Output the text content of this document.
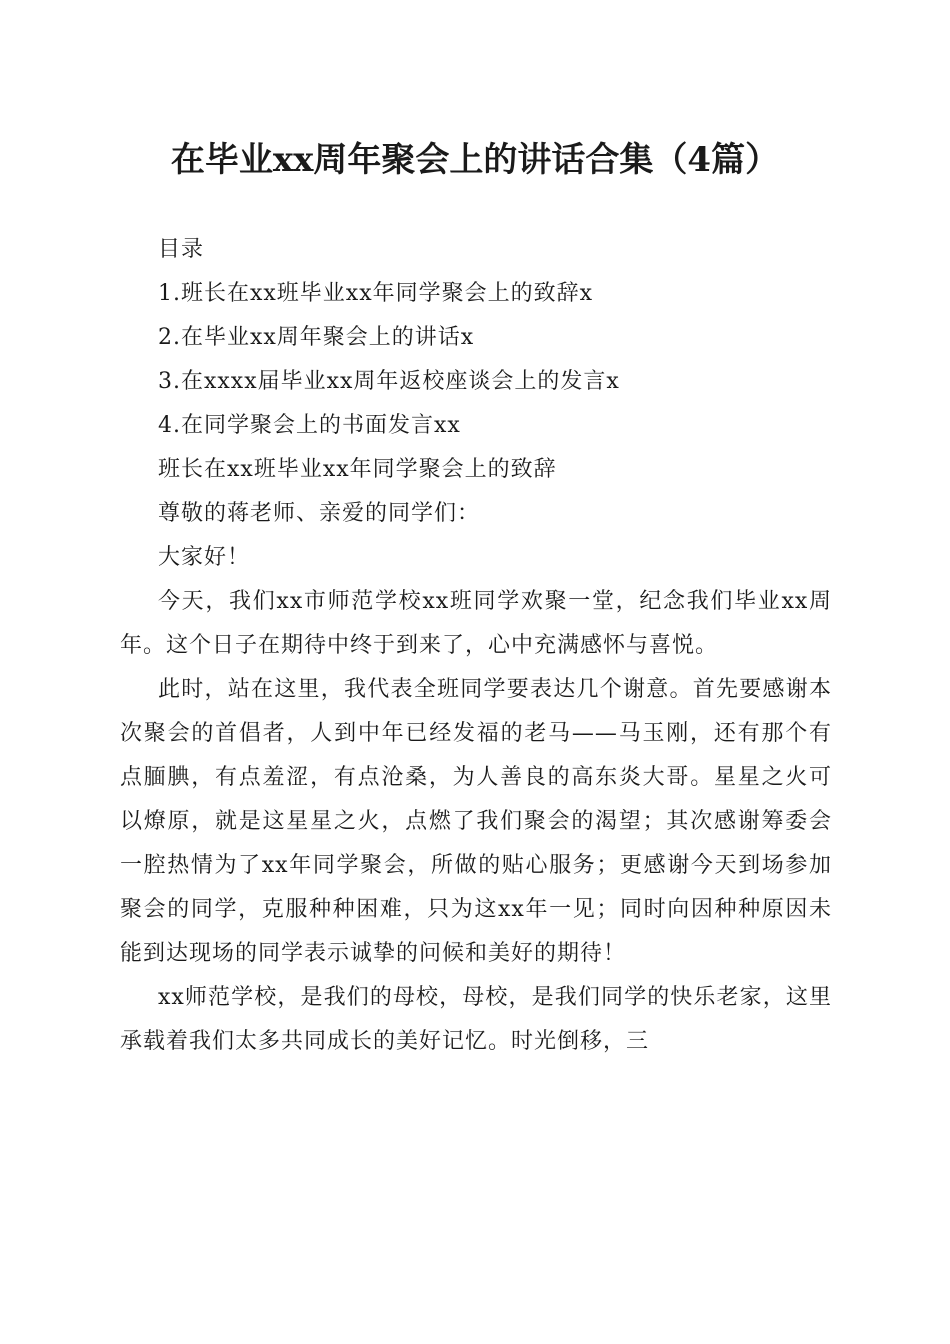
在毕业xx周年聚会上的讲话合集（4篇）
目录
1.班长在xx班毕业xx年同学聚会上的致辞x
2.在毕业xx周年聚会上的讲话x
3.在xxxx届毕业xx周年返校座谈会上的发言x
4.在同学聚会上的书面发言xx
班长在xx班毕业xx年同学聚会上的致辞
尊敬的蒋老师、亲爱的同学们：
大家好！

今天，我们xx市师范学校xx班同学欢聚一堂，纪念我们毕业xx周年。这个日子在期待中终于到来了，心中充满感怀与喜悦。

此时，站在这里，我代表全班同学要表达几个谢意。首先要感谢本次聚会的首倡者，人到中年已经发福的老马——马玉刚，还有那个有点腼腆，有点羞涩，有点沧桑，为人善良的高东炎大哥。星星之火可以燎原，就是这星星之火，点燃了我们聚会的渴望；其次感谢筹委会一腔热情为了xx年同学聚会，所做的贴心服务；更感谢今天到场参加聚会的同学，克服种种困难，只为这xx年一见；同时向因种种原因未能到达现场的同学表示诚挚的问候和美好的期待！

xx师范学校，是我们的母校，母校，是我们同学的快乐老家，这里承载着我们太多共同成长的美好记忆。时光倒移，三
